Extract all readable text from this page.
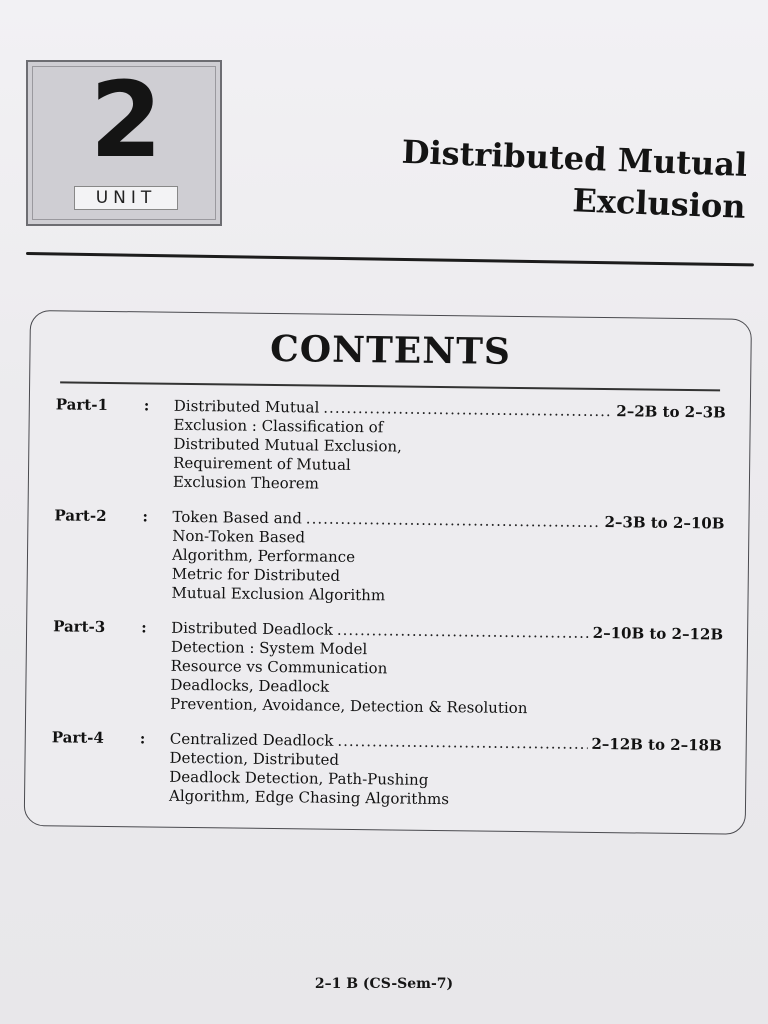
2
UNIT
Distributed Mutual
Exclusion
CONTENTS
Part-1	: Distributed Mutual .....	2–2B to 2–3B
Exclusion : Classification of
Distributed Mutual Exclusion,
Requirement of Mutual
Exclusion Theorem
Part-2	: Token Based and .....	2–3B to 2–10B
Non-Token Based
Algorithm, Performance
Metric for Distributed
Mutual Exclusion Algorithm
Part-3	: Distributed Deadlock .....	2–10B to 2–12B
Detection : System Model
Resource vs Communication
Deadlocks, Deadlock
Prevention, Avoidance, Detection & Resolution
Part-4	: Centralized Deadlock .....	2–12B to 2–18B
Detection, Distributed
Deadlock Detection, Path-Pushing
Algorithm, Edge Chasing Algorithms
2–1 B (CS-Sem-7)
